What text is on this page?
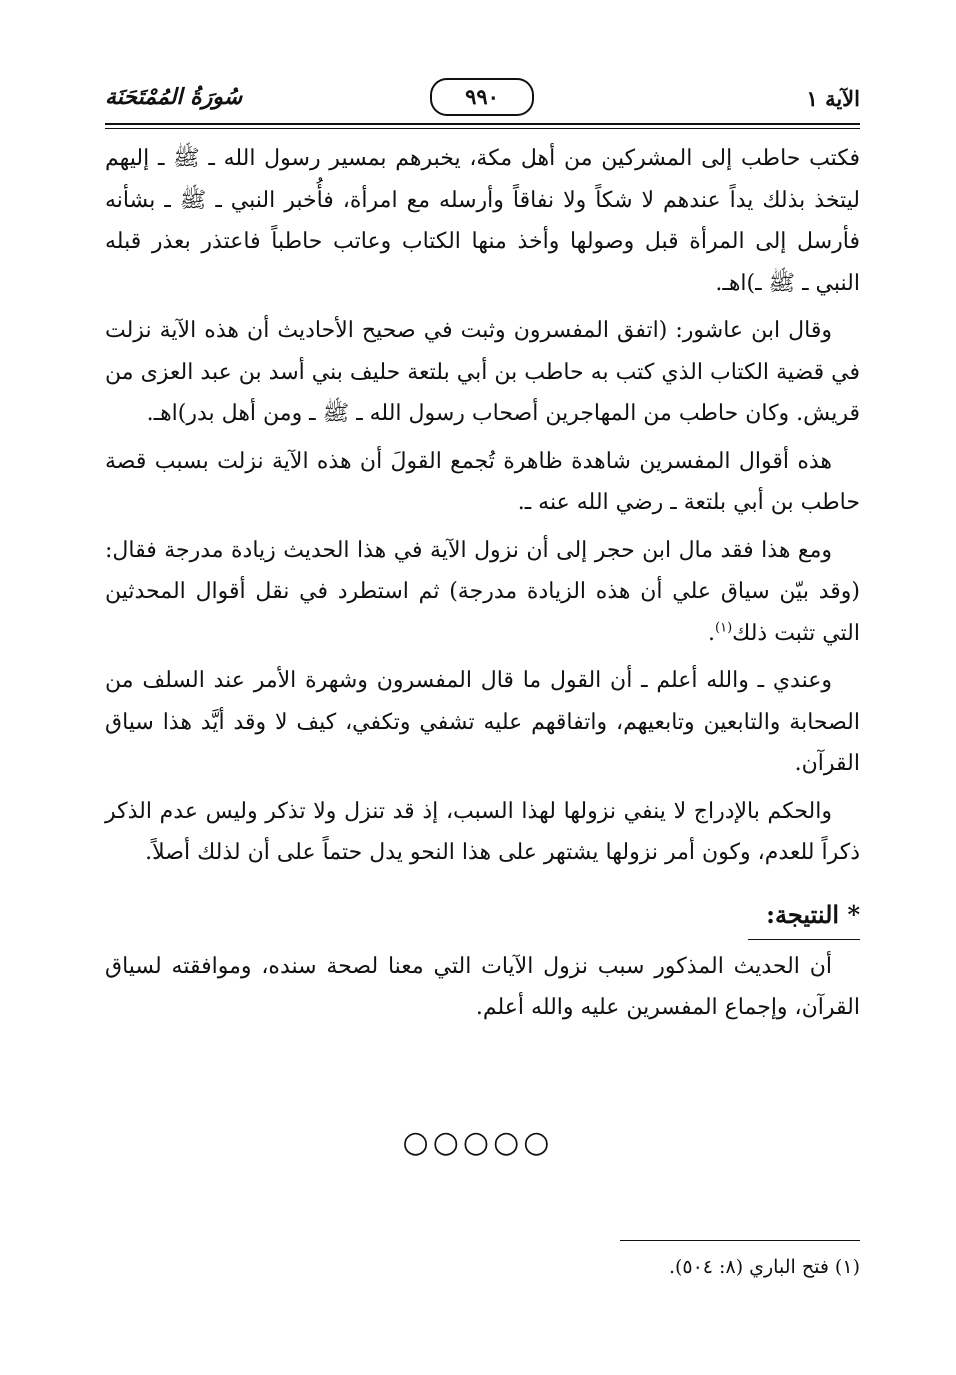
الآية ١
٩٩٠
سُورَةُ المُمْتَحَنَة

فكتب حاطب إلى المشركين من أهل مكة، يخبرهم بمسير رسول الله ـ ﷺ ـ إليهم ليتخذ بذلك يداً عندهم لا شكاً ولا نفاقاً وأرسله مع امرأة، فأُخبر النبي ـ ﷺ ـ بشأنه فأرسل إلى المرأة قبل وصولها وأخذ منها الكتاب وعاتب حاطباً فاعتذر بعذر قبله النبي ـ ﷺ ـ)اهـ.

وقال ابن عاشور: (اتفق المفسرون وثبت في صحيح الأحاديث أن هذه الآية نزلت في قضية الكتاب الذي كتب به حاطب بن أبي بلتعة حليف بني أسد بن عبد العزى من قريش. وكان حاطب من المهاجرين أصحاب رسول الله ـ ﷺ ـ ومن أهل بدر)اهـ.

هذه أقوال المفسرين شاهدة ظاهرة تُجمع القولَ أن هذه الآية نزلت بسبب قصة حاطب بن أبي بلتعة ـ رضي الله عنه ـ.

ومع هذا فقد مال ابن حجر إلى أن نزول الآية في هذا الحديث زيادة مدرجة فقال: (وقد بيّن سياق علي أن هذه الزيادة مدرجة) ثم استطرد في نقل أقوال المحدثين التي تثبت ذلك$^{(١)}$.

وعندي ـ والله أعلم ـ أن القول ما قال المفسرون وشهرة الأمر عند السلف من الصحابة والتابعين وتابعيهم، واتفاقهم عليه تشفي وتكفي، كيف لا وقد أيَّد هذا سياق القرآن.

والحكم بالإدراج لا ينفي نزولها لهذا السبب، إذ قد تنزل ولا تذكر وليس عدم الذكر ذكراً للعدم، وكون أمر نزولها يشتهر على هذا النحو يدل حتماً على أن لذلك أصلاً.

* النتيجة:

أن الحديث المذكور سبب نزول الآيات التي معنا لصحة سنده، وموافقته لسياق القرآن، وإجماع المفسرين عليه والله أعلم.

○○○○○
(١) فتح الباري (٨: ٥٠٤).
